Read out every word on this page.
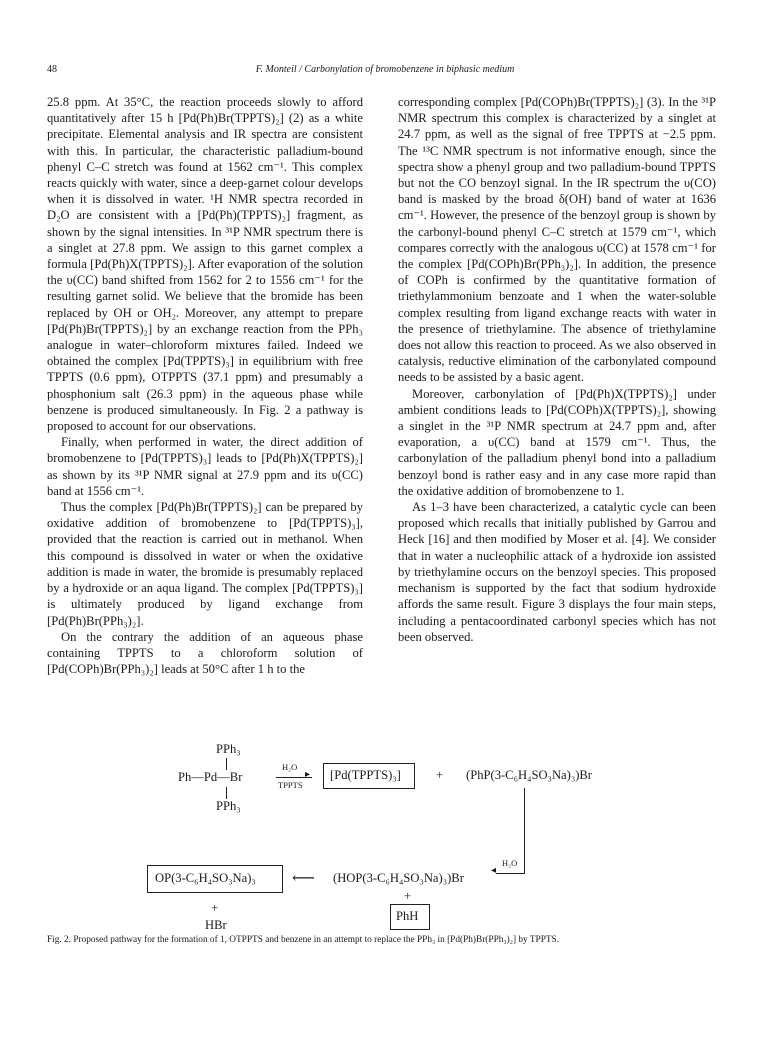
48	F. Monteil / Carbonylation of bromobenzene in biphasic medium

25.8 ppm. At 35°C, the reaction proceeds slowly to afford quantitatively after 15 h [Pd(Ph)Br(TPPTS)₂] (2) as a white precipitate. Elemental analysis and IR spectra are consistent with this. In particular, the characteristic palladium-bound phenyl C–C stretch was found at 1562 cm⁻¹. This complex reacts quickly with water, since a deep-garnet colour develops when it is dissolved in water. ¹H NMR spectra recorded in D₂O are consistent with a [Pd(Ph)(TPPTS)₂] fragment, as shown by the signal intensities. In ³¹P NMR spectrum there is a singlet at 27.8 ppm. We assign to this garnet complex a formula [Pd(Ph)X(TPPTS)₂]. After evaporation of the solution the υ(CC) band shifted from 1562 for 2 to 1556 cm⁻¹ for the resulting garnet solid. We believe that the bromide has been replaced by OH or OH₂. Moreover, any attempt to prepare [Pd(Ph)Br(TPPTS)₂] by an exchange reaction from the PPh₃ analogue in water–chloroform mixtures failed. Indeed we obtained the complex [Pd(TPPTS)₃] in equilibrium with free TPPTS (0.6 ppm), OTPPTS (37.1 ppm) and presumably a phosphonium salt (26.3 ppm) in the aqueous phase while benzene is produced simultaneously. In Fig. 2 a pathway is proposed to account for our observations.

Finally, when performed in water, the direct addition of bromobenzene to [Pd(TPPTS)₃] leads to [Pd(Ph)X(TPPTS)₂] as shown by its ³¹P NMR signal at 27.9 ppm and its υ(CC) band at 1556 cm⁻¹.

Thus the complex [Pd(Ph)Br(TPPTS)₂] can be prepared by oxidative addition of bromobenzene to [Pd(TPPTS)₃], provided that the reaction is carried out in methanol. When this compound is dissolved in water or when the oxidative addition is made in water, the bromide is presumably replaced by a hydroxide or an aqua ligand. The complex [Pd(TPPTS)₃] is ultimately produced by ligand exchange from [Pd(Ph)Br(PPh₃)₂].

On the contrary the addition of an aqueous phase containing TPPTS to a chloroform solution of [Pd(COPh)Br(PPh₃)₂] leads at 50°C after 1 h to the

corresponding complex [Pd(COPh)Br(TPPTS)₂] (3). In the ³¹P NMR spectrum this complex is characterized by a singlet at 24.7 ppm, as well as the signal of free TPPTS at −2.5 ppm. The ¹³C NMR spectrum is not informative enough, since the spectra show a phenyl group and two palladium-bound TPPTS but not the CO benzoyl signal. In the IR spectrum the υ(CO) band is masked by the broad δ(OH) band of water at 1636 cm⁻¹. However, the presence of the benzoyl group is shown by the carbonyl-bound phenyl C–C stretch at 1579 cm⁻¹, which compares correctly with the analogous υ(CC) at 1578 cm⁻¹ for the complex [Pd(COPh)Br(PPh₃)₂]. In addition, the presence of COPh is confirmed by the quantitative formation of triethylammonium benzoate and 1 when the water-soluble complex resulting from ligand exchange reacts with water in the presence of triethylamine. The absence of triethylamine does not allow this reaction to proceed. As we also observed in catalysis, reductive elimination of the carbonylated compound needs to be assisted by a basic agent.

Moreover, carbonylation of [Pd(Ph)X(TPPTS)₂] under ambient conditions leads to [Pd(COPh)X(TPPTS)₂], showing a singlet in the ³¹P NMR spectrum at 24.7 ppm and, after evaporation, a υ(CC) band at 1579 cm⁻¹. Thus, the carbonylation of the palladium phenyl bond into a palladium benzoyl bond is rather easy and in any case more rapid than the oxidative addition of bromobenzene to 1.

As 1–3 have been characterized, a catalytic cycle can been proposed which recalls that initially published by Garrou and Heck [16] and then modified by Moser et al. [4]. We consider that in water a nucleophilic attack of a hydroxide ion assisted by triethylamine occurs on the benzoyl species. This proposed mechanism is supported by the fact that sodium hydroxide affords the same result. Figure 3 displays the four main steps, including a pentacoordinated carbonyl species which has not been observed.

PPh₃
Ph—Pd—Br
PPh₃
H₂O
▸
TPPTS
[Pd(TPPTS)₃]	+ (PhP(3-C₆H₄SO₃Na)₃)Br
◂
H₂O
OP(3-C₆H₄SO₃Na)₃ ⟵ (HOP(3-C₆H₄SO₃Na)₃)Br
+
HBr
+
PhH
Fig. 2. Proposed pathway for the formation of 1, OTPPTS and benzene in an attempt to replace the PPh₃ in [Pd(Ph)Br(PPh₃)₂] by TPPTS.
